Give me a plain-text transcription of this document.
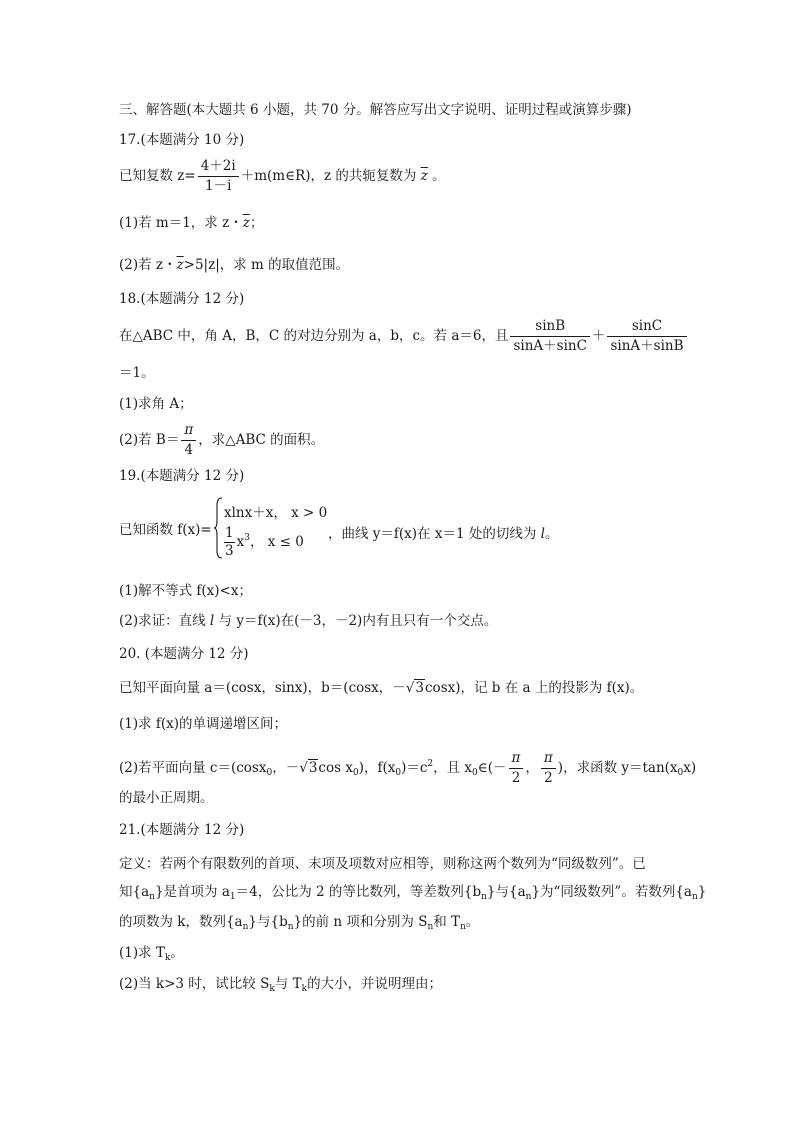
三、解答题(本大题共 6 小题，共 70 分。解答应写出文字说明、证明过程或演算步骤)
17.(本题满分 10 分)
已知复数 $z= \frac{4+2i}{1-i}$ ＋m(m∈R)，z 的共轭复数为 $\overline{z}$ 。
(1)若 m＝1，求 z・$\overline{z}$；
(2)若 z・$\overline{z}>5|z|$，求 m 的取值范围。
18.(本题满分 12 分)
在△ABC 中，角 A，B，C 的对边分别为 a，b，c。若 a＝6，且 $\frac{\sin B}{\sin A+\sin C} + \frac{\sin C}{\sin A+\sin B}$
＝1。
(1)求角 A；
(2)若 $B= \frac{\pi}{4}$ ，求△ABC 的面积。
19.(本题满分 12 分)
已知函数 f(x)=
xlnx＋x， x > 0
$\frac{1}{3} x^3$， x ≤ 0 ，曲线 y＝f(x)在 x＝1 处的切线为 l。
(1)解不等式 f(x)<x；
(2)求证：直线 l 与 y＝f(x)在(－3，－2)内有且只有一个交点。
20. (本题满分 12 分)
已知平面向量 a＝(cosx，sinx)，b＝(cosx，－√3cosx)，记 b 在 a 上的投影为 f(x)。
(1)求 f(x)的单调递增区间；
(2)若平面向量 c＝(cosx$_0$，－√3cos $x_0$)，$f(x_0)=c^2$，且 $x_0\in(- \frac{\pi}{2}$ ， $\frac{\pi}{2}$ )，求函数 $y=\tan(x_0x)$
的最小正周期。
21.(本题满分 12 分)
定义：若两个有限数列的首项、末项及项数对应相等，则称这两个数列为“同级数列”。已
知$\{a_n\}$是首项为 $a_1=4$，公比为 2 的等比数列，等差数列$\{b_n\}$与$\{a_n\}$为“同级数列”。若数列$\{a_n\}$
的项数为 k，数列$\{a_n\}$与$\{b_n\}$的前 n 项和分别为 $S_n$和 $T_n$。
(1)求 $T_k$。
(2)当 k>3 时，试比较 $S_k$与 $T_k$的大小，并说明理由；
